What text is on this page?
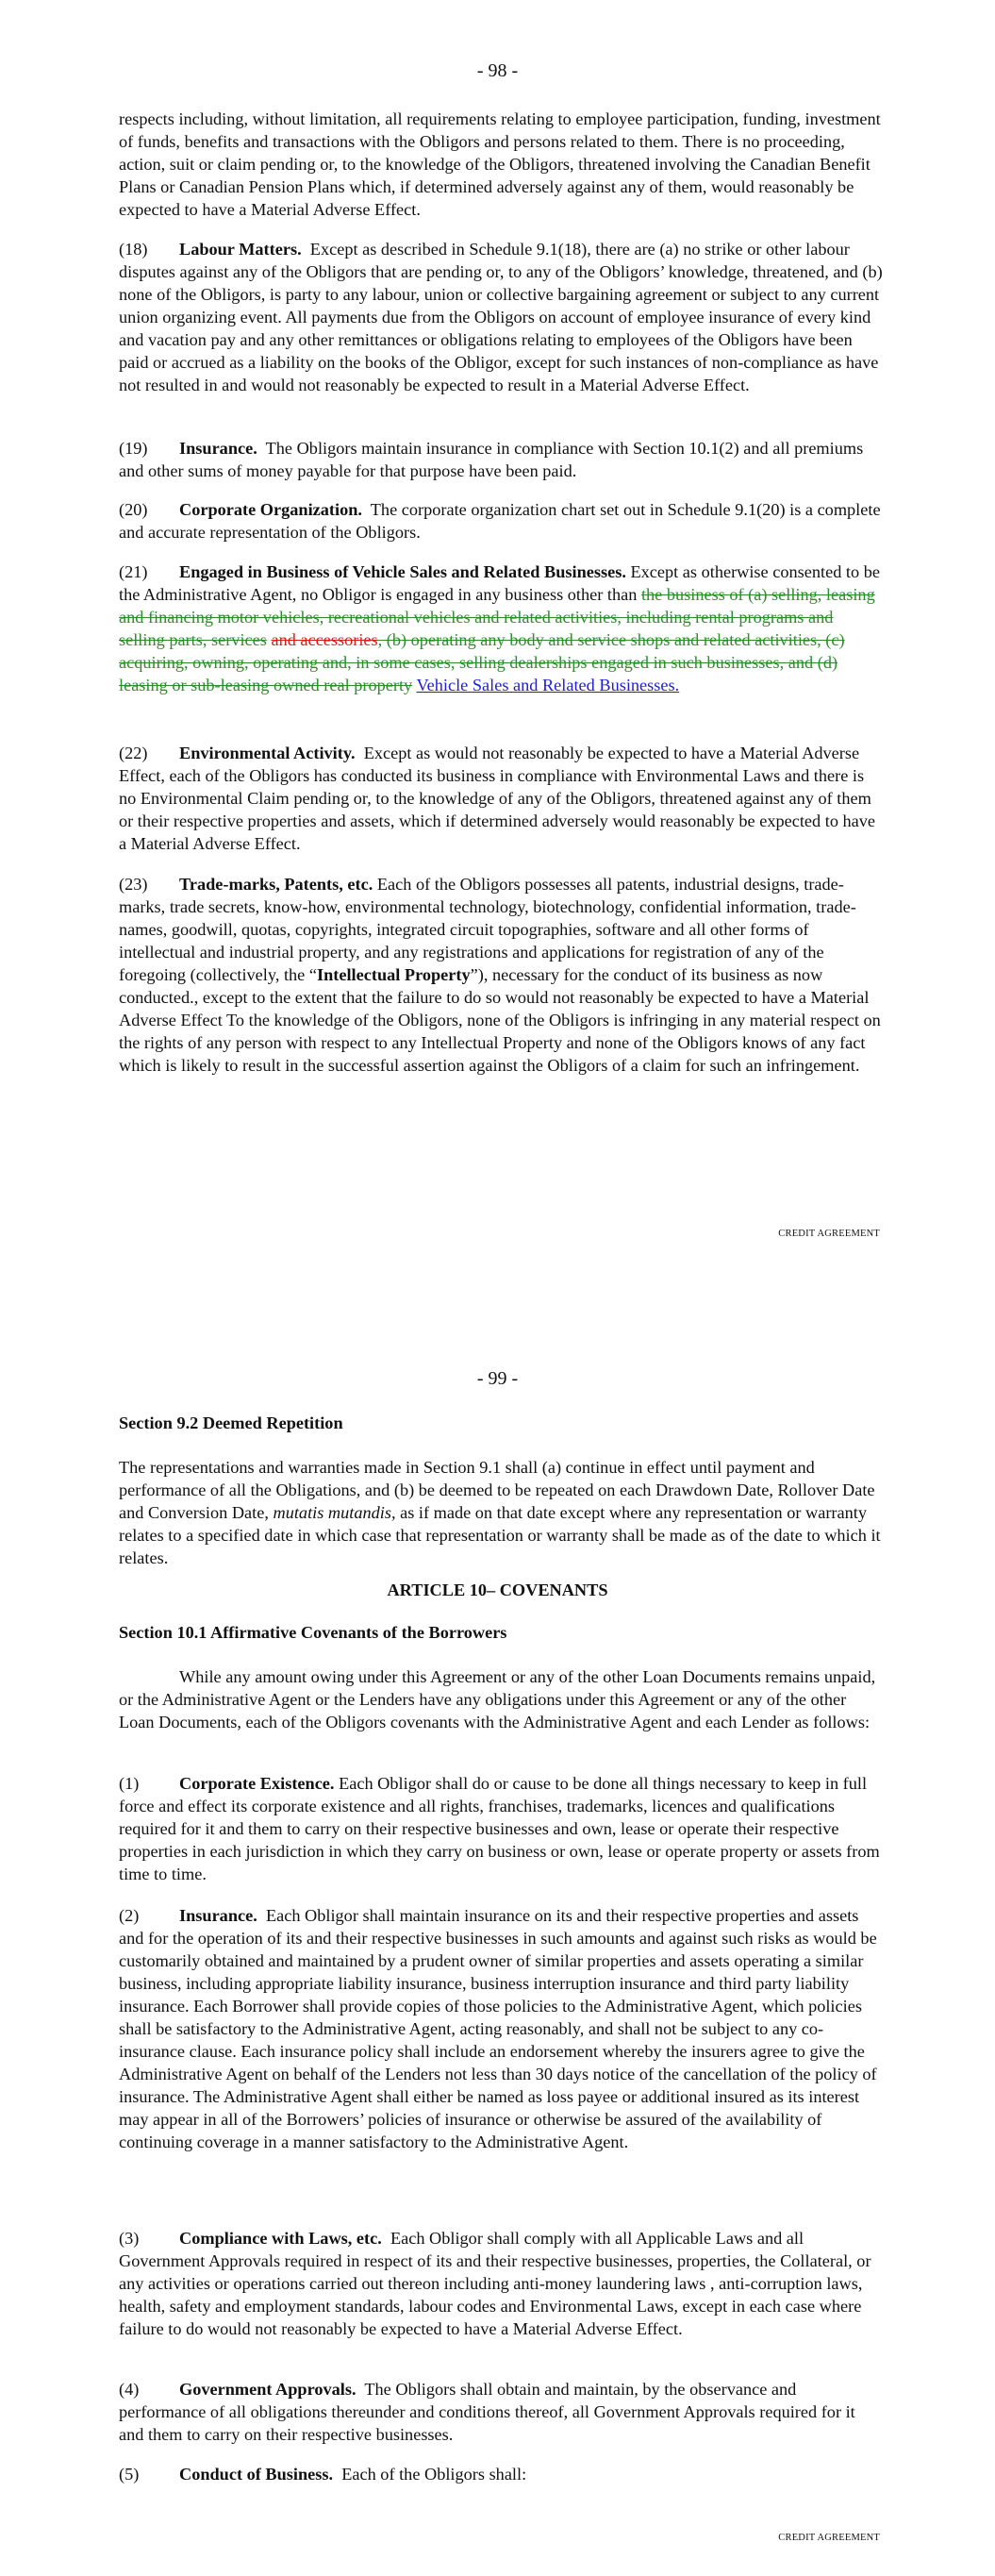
- 98 -

respects including, without limitation, all requirements relating to employee participation, funding, investment of funds, benefits and transactions with the Obligors and persons related to them. There is no proceeding, action, suit or claim pending or, to the knowledge of the Obligors, threatened involving the Canadian Benefit Plans or Canadian Pension Plans which, if determined adversely against any of them, would reasonably be expected to have a Material Adverse Effect.

(18) Labour Matters. Except as described in Schedule 9.1(18), there are (a) no strike or other labour disputes against any of the Obligors that are pending or, to any of the Obligors’ knowledge, threatened, and (b) none of the Obligors, is party to any labour, union or collective bargaining agreement or subject to any current union organizing event. All payments due from the Obligors on account of employee insurance of every kind and vacation pay and any other remittances or obligations relating to employees of the Obligors have been paid or accrued as a liability on the books of the Obligor, except for such instances of non-compliance as have not resulted in and would not reasonably be expected to result in a Material Adverse Effect.

(19) Insurance. The Obligors maintain insurance in compliance with Section 10.1(2) and all premiums and other sums of money payable for that purpose have been paid.

(20) Corporate Organization. The corporate organization chart set out in Schedule 9.1(20) is a complete and accurate representation of the Obligors.

(21) Engaged in Business of Vehicle Sales and Related Businesses. Except as otherwise consented to be the Administrative Agent, no Obligor is engaged in any business other than the business of (a) selling, leasing and financing motor vehicles, recreational vehicles and related activities, including rental programs and selling parts, services and accessories, (b) operating any body and service shops and related activities, (c) acquiring, owning, operating and, in some cases, selling dealerships engaged in such businesses, and (d) leasing or sub-leasing owned real property Vehicle Sales and Related Businesses.

(22) Environmental Activity. Except as would not reasonably be expected to have a Material Adverse Effect, each of the Obligors has conducted its business in compliance with Environmental Laws and there is no Environmental Claim pending or, to the knowledge of any of the Obligors, threatened against any of them or their respective properties and assets, which if determined adversely would reasonably be expected to have a Material Adverse Effect.

(23) Trade-marks, Patents, etc. Each of the Obligors possesses all patents, industrial designs, trade-marks, trade secrets, know-how, environmental technology, biotechnology, confidential information, trade-names, goodwill, quotas, copyrights, integrated circuit topographies, software and all other forms of intellectual and industrial property, and any registrations and applications for registration of any of the foregoing (collectively, the “Intellectual Property”), necessary for the conduct of its business as now conducted., except to the extent that the failure to do so would not reasonably be expected to have a Material Adverse Effect To the knowledge of the Obligors, none of the Obligors is infringing in any material respect on the rights of any person with respect to any Intellectual Property and none of the Obligors knows of any fact which is likely to result in the successful assertion against the Obligors of a claim for such an infringement.

CREDIT AGREEMENT
- 99 -
Section 9.2 Deemed Repetition

The representations and warranties made in Section 9.1 shall (a) continue in effect until payment and performance of all the Obligations, and (b) be deemed to be repeated on each Drawdown Date, Rollover Date and Conversion Date, mutatis mutandis, as if made on that date except where any representation or warranty relates to a specified date in which case that representation or warranty shall be made as of the date to which it relates.

ARTICLE 10– COVENANTS
Section 10.1 Affirmative Covenants of the Borrowers

While any amount owing under this Agreement or any of the other Loan Documents remains unpaid, or the Administrative Agent or the Lenders have any obligations under this Agreement or any of the other Loan Documents, each of the Obligors covenants with the Administrative Agent and each Lender as follows:

(1) Corporate Existence. Each Obligor shall do or cause to be done all things necessary to keep in full force and effect its corporate existence and all rights, franchises, trademarks, licences and qualifications required for it and them to carry on their respective businesses and own, lease or operate their respective properties in each jurisdiction in which they carry on business or own, lease or operate property or assets from time to time.

(2) Insurance. Each Obligor shall maintain insurance on its and their respective properties and assets and for the operation of its and their respective businesses in such amounts and against such risks as would be customarily obtained and maintained by a prudent owner of similar properties and assets operating a similar business, including appropriate liability insurance, business interruption insurance and third party liability insurance. Each Borrower shall provide copies of those policies to the Administrative Agent, which policies shall be satisfactory to the Administrative Agent, acting reasonably, and shall not be subject to any co-insurance clause. Each insurance policy shall include an endorsement whereby the insurers agree to give the Administrative Agent on behalf of the Lenders not less than 30 days notice of the cancellation of the policy of insurance. The Administrative Agent shall either be named as loss payee or additional insured as its interest may appear in all of the Borrowers’ policies of insurance or otherwise be assured of the availability of continuing coverage in a manner satisfactory to the Administrative Agent.

(3) Compliance with Laws, etc. Each Obligor shall comply with all Applicable Laws and all Government Approvals required in respect of its and their respective businesses, properties, the Collateral, or any activities or operations carried out thereon including anti-money laundering laws , anti-corruption laws, health, safety and employment standards, labour codes and Environmental Laws, except in each case where failure to do would not reasonably be expected to have a Material Adverse Effect.

(4) Government Approvals. The Obligors shall obtain and maintain, by the observance and performance of all obligations thereunder and conditions thereof, all Government Approvals required for it and them to carry on their respective businesses.

(5) Conduct of Business. Each of the Obligors shall:

CREDIT AGREEMENT
